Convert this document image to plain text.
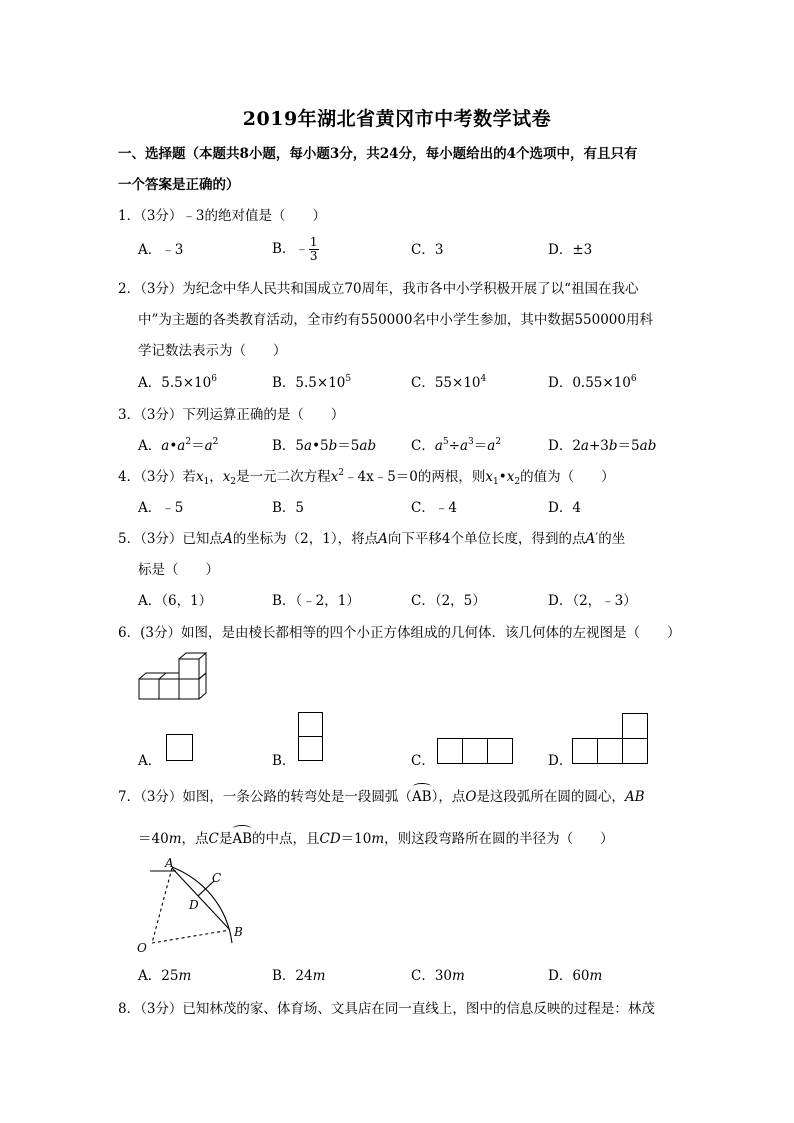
2019年湖北省黄冈市中考数学试卷
一、选择题（本题共8小题，每小题3分，共24分，每小题给出的4个选项中，有且只有
一个答案是正确的）
1．（3分）﹣3的绝对值是（　　）
A．﹣3	B．﹣ $\frac{1}{3}$	C．3	D．±3
2．（3分）为纪念中华人民共和国成立70周年，我市各中小学积极开展了以“祖国在我心
中”为主题的各类教育活动，全市约有550000名中小学生参加，其中数据550000用科
学记数法表示为（　　）
A．$5.5\times 10^6$	B．$5.5\times 10^5$	C．$55\times 10^4$	D．$0.55\times 10^6$
3．（3分）下列运算正确的是（　　）
A．$a•a^2=a^2$	B．5a•5b＝5ab	C．$a^5\div a^3=a^2$	D．2a+3b＝5ab
4．（3分）若$x_1$，$x_2$是一元二次方程$x^2﹣4x﹣5=0$的两根，则$x_1•x_2$的值为（　　）
A．﹣5	B．5	C．﹣4	D．4
5．（3分）已知点A的坐标为（2，1），将点A向下平移4个单位长度，得到的点A′的坐
标是（　　）
A．（6，1）	B．（﹣2，1）	C．（2，5）	D．（2，﹣3）
6．(3分）如图，是由棱长都相等的四个小正方体组成的几何体．该几何体的左视图是（　　）
A．	B．	C．	D．
7．（3分）如图，一条公路的转弯处是一段圆弧（AB），点O是这段弧所在圆的圆心，AB
＝40m，点C是AB的中点，且CD＝10m，则这段弯路所在圆的半径为（　　）
A
C
D
B
O
A．25m	B．24m	C．30m	D．60m
8．（3分）已知林茂的家、体育场、文具店在同一直线上，图中的信息反映的过程是：林茂
